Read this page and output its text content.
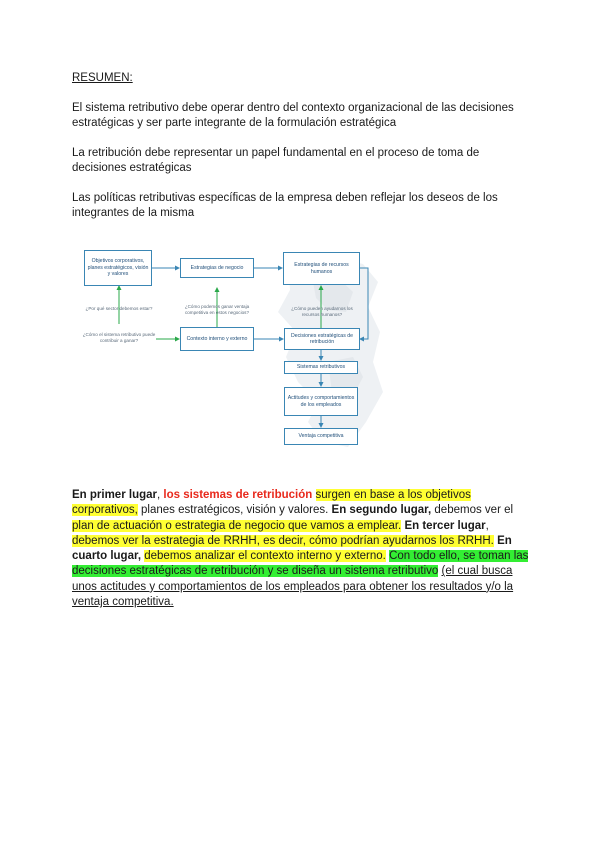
RESUMEN:
El sistema retributivo debe operar dentro del contexto organizacional de las decisiones estratégicas y ser parte integrante de la formulación estratégica
La retribución debe representar un papel fundamental en el proceso de toma de decisiones estratégicas
Las políticas retributivas específicas de la empresa deben reflejar los deseos de los integrantes de la misma
Objetivos corporativos, planes estratégicos, visión y valores
Estrategias de negocio	Estrategias de recursos humanos
¿Por qué sector debemos estar?	¿Cómo podemos ganar ventaja competitiva en estos negocios?
¿Cómo pueden ayudarnos los recursos humanos?
¿Cómo el sistema retributivo puede contribuir a ganar?	Contexto interno y externo
Decisiones estratégicas de retribución
Sistemas retributivos
Actitudes y comportamientos de los empleados
Ventaja competitiva
En primer lugar, los sistemas de retribución surgen en base a los objetivos corporativos, planes estratégicos, visión y valores. En segundo lugar, debemos ver el plan de actuación o estrategia de negocio que vamos a emplear. En tercer lugar, debemos ver la estrategia de RRHH, es decir, cómo podrían ayudarnos los RRHH. En cuarto lugar, debemos analizar el contexto interno y externo. Con todo ello, se toman las decisiones estratégicas de retribución y se diseña un sistema retributivo (el cual busca unos actitudes y comportamientos de los empleados para obtener los resultados y/o la ventaja competitiva.
